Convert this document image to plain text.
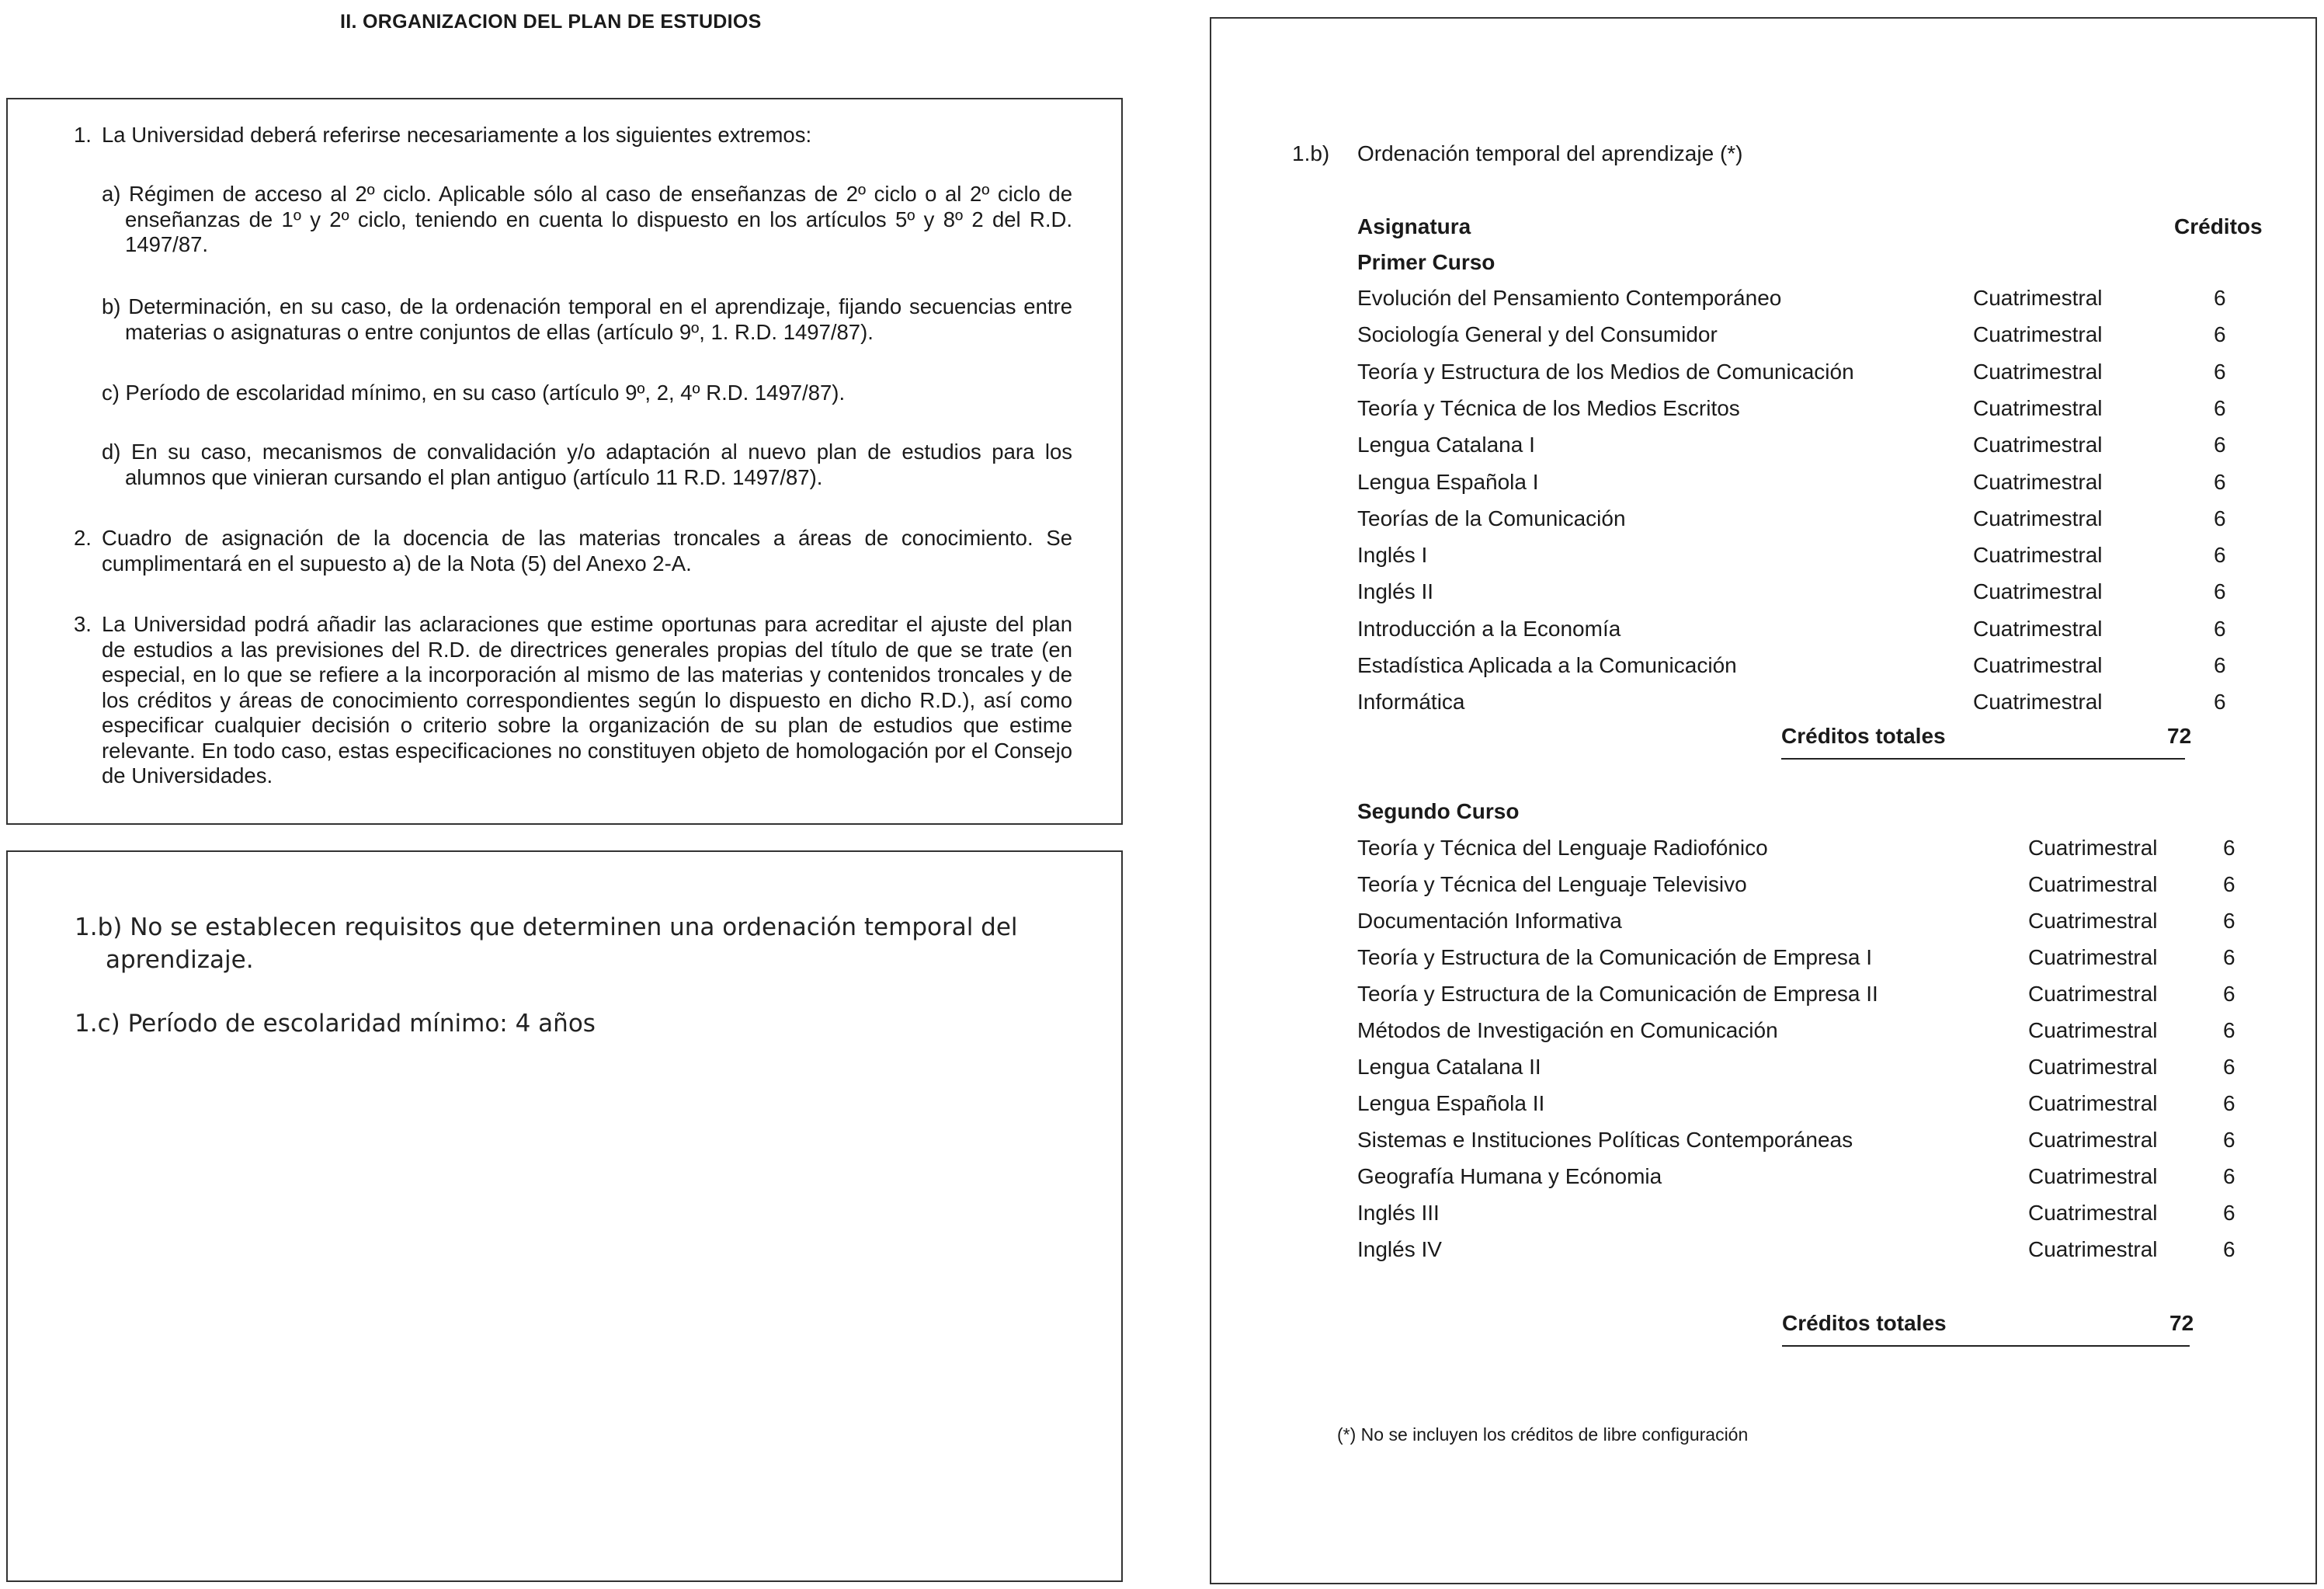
II. ORGANIZACION DEL PLAN DE ESTUDIOS
1. La Universidad deberá referirse necesariamente a los siguientes extremos:
a) Régimen de acceso al 2º ciclo. Aplicable sólo al caso de enseñanzas de 2º ciclo o al 2º ciclo de enseñanzas de 1º y 2º ciclo, teniendo en cuenta lo dispuesto en los artículos 5º y 8º 2 del R.D. 1497/87.
b) Determinación, en su caso, de la ordenación temporal en el aprendizaje, fijando secuencias entre materias o asignaturas o entre conjuntos de ellas (artículo 9º, 1. R.D. 1497/87).
c) Período de escolaridad mínimo, en su caso (artículo 9º, 2, 4º R.D. 1497/87).
d) En su caso, mecanismos de convalidación y/o adaptación al nuevo plan de estudios para los alumnos que vinieran cursando el plan antiguo (artículo 11 R.D. 1497/87).
2. Cuadro de asignación de la docencia de las materias troncales a áreas de conocimiento. Se cumplimentará en el supuesto a) de la Nota (5) del Anexo 2-A.
3. La Universidad podrá añadir las aclaraciones que estime oportunas para acreditar el ajuste del plan de estudios a las previsiones del R.D. de directrices generales propias del título de que se trate (en especial, en lo que se refiere a la incorporación al mismo de las materias y contenidos troncales y de los créditos y áreas de conocimiento correspondientes según lo dispuesto en dicho R.D.), así como especificar cualquier decisión o criterio sobre la organización de su plan de estudios que estime relevante. En todo caso, estas especificaciones no constituyen objeto de homologación por el Consejo de Universidades.
1.b) No se establecen requisitos que determinen una ordenación temporal del aprendizaje.
1.c) Período de escolaridad mínimo: 4 años
1.b) Ordenación temporal del aprendizaje (*)
Asignatura	Créditos
Primer Curso
Evolución del Pensamiento Contemporáneo	Cuatrimestral	6
Sociología General y del Consumidor	Cuatrimestral	6
Teoría y Estructura de los Medios de Comunicación	Cuatrimestral	6
Teoría y Técnica de los Medios Escritos	Cuatrimestral	6
Lengua Catalana I	Cuatrimestral	6
Lengua Española I	Cuatrimestral	6
Teorías de la Comunicación	Cuatrimestral	6
Inglés I	Cuatrimestral	6
Inglés II	Cuatrimestral	6
Introducción a la Economía	Cuatrimestral	6
Estadística Aplicada a la Comunicación	Cuatrimestral	6
Informática	Cuatrimestral	6
Créditos totales	72
Segundo Curso
Teoría y Técnica del Lenguaje Radiofónico	Cuatrimestral	6
Teoría y Técnica del Lenguaje Televisivo	Cuatrimestral	6
Documentación Informativa	Cuatrimestral	6
Teoría y Estructura de la Comunicación de Empresa I	Cuatrimestral	6
Teoría y Estructura de la Comunicación de Empresa II	Cuatrimestral	6
Métodos de Investigación en Comunicación	Cuatrimestral	6
Lengua Catalana II	Cuatrimestral	6
Lengua Española II	Cuatrimestral	6
Sistemas e Instituciones Políticas Contemporáneas	Cuatrimestral	6
Geografía Humana y Ecónomia	Cuatrimestral	6
Inglés III	Cuatrimestral	6
Inglés IV	Cuatrimestral	6
Créditos totales	72
(*) No se incluyen los créditos de libre configuración
